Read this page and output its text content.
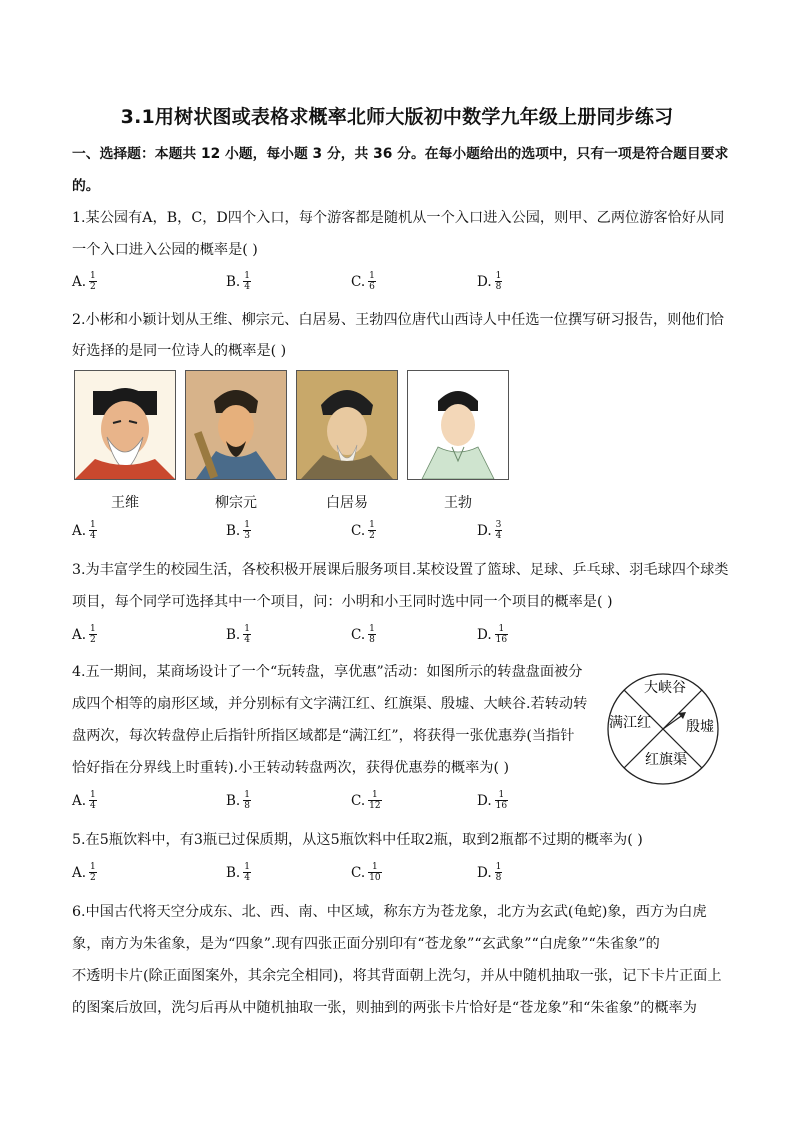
3.1用树状图或表格求概率北师大版初中数学九年级上册同步练习
一、选择题：本题共 12 小题，每小题 3 分，共 36 分。在每小题给出的选项中，只有一项是符合题目要求
的。
1.某公园有A，B，C，D四个入口，每个游客都是随机从一个入口进入公园，则甲、乙两位游客恰好从同
一个入口进入公园的概率是( )
A. $\frac{1}{2}$	B. $\frac{1}{4}$	C. $\frac{1}{6}$	D. $\frac{1}{8}$
2.小彬和小颖计划从王维、柳宗元、白居易、王勃四位唐代山西诗人中任选一位撰写研习报告，则他们恰
好选择的是同一位诗人的概率是( )
王维	柳宗元	白居易	王勃
A. $\frac{1}{4}$	B. $\frac{1}{3}$	C. $\frac{1}{2}$	D. $\frac{3}{4}$
3.为丰富学生的校园生活，各校积极开展课后服务项目.某校设置了篮球、足球、乒乓球、羽毛球四个球类
项目，每个同学可选择其中一个项目，问：小明和小王同时选中同一个项目的概率是( )
A. $\frac{1}{2}$	B. $\frac{1}{4}$	C. $\frac{1}{8}$	D. $\frac{1}{16}$
4.五一期间，某商场设计了一个“玩转盘，享优惠”活动：如图所示的转盘盘面被分
成四个相等的扇形区域，并分别标有文字满江红、红旗渠、殷墟、大峡谷.若转动转
盘两次，每次转盘停止后指针所指区域都是“满江红”，将获得一张优惠券(当指针
恰好指在分界线上时重转).小王转动转盘两次，获得优惠券的概率为( )
大峡谷
满江红	殷墟
红旗渠
A. $\frac{1}{4}$	B. $\frac{1}{8}$	C. $\frac{1}{12}$	D. $\frac{1}{16}$
5.在5瓶饮料中，有3瓶已过保质期，从这5瓶饮料中任取2瓶，取到2瓶都不过期的概率为( )
A. $\frac{1}{2}$	B. $\frac{1}{4}$	C. $\frac{1}{10}$	D. $\frac{1}{8}$
6.中国古代将天空分成东、北、西、南、中区域，称东方为苍龙象，北方为玄武(龟蛇)象，西方为白虎
象，南方为朱雀象，是为“四象”.现有四张正面分别印有“苍龙象”“玄武象”“白虎象”“朱雀象”的
不透明卡片(除正面图案外，其余完全相同)，将其背面朝上洗匀，并从中随机抽取一张，记下卡片正面上
的图案后放回，洗匀后再从中随机抽取一张，则抽到的两张卡片恰好是“苍龙象”和“朱雀象”的概率为
